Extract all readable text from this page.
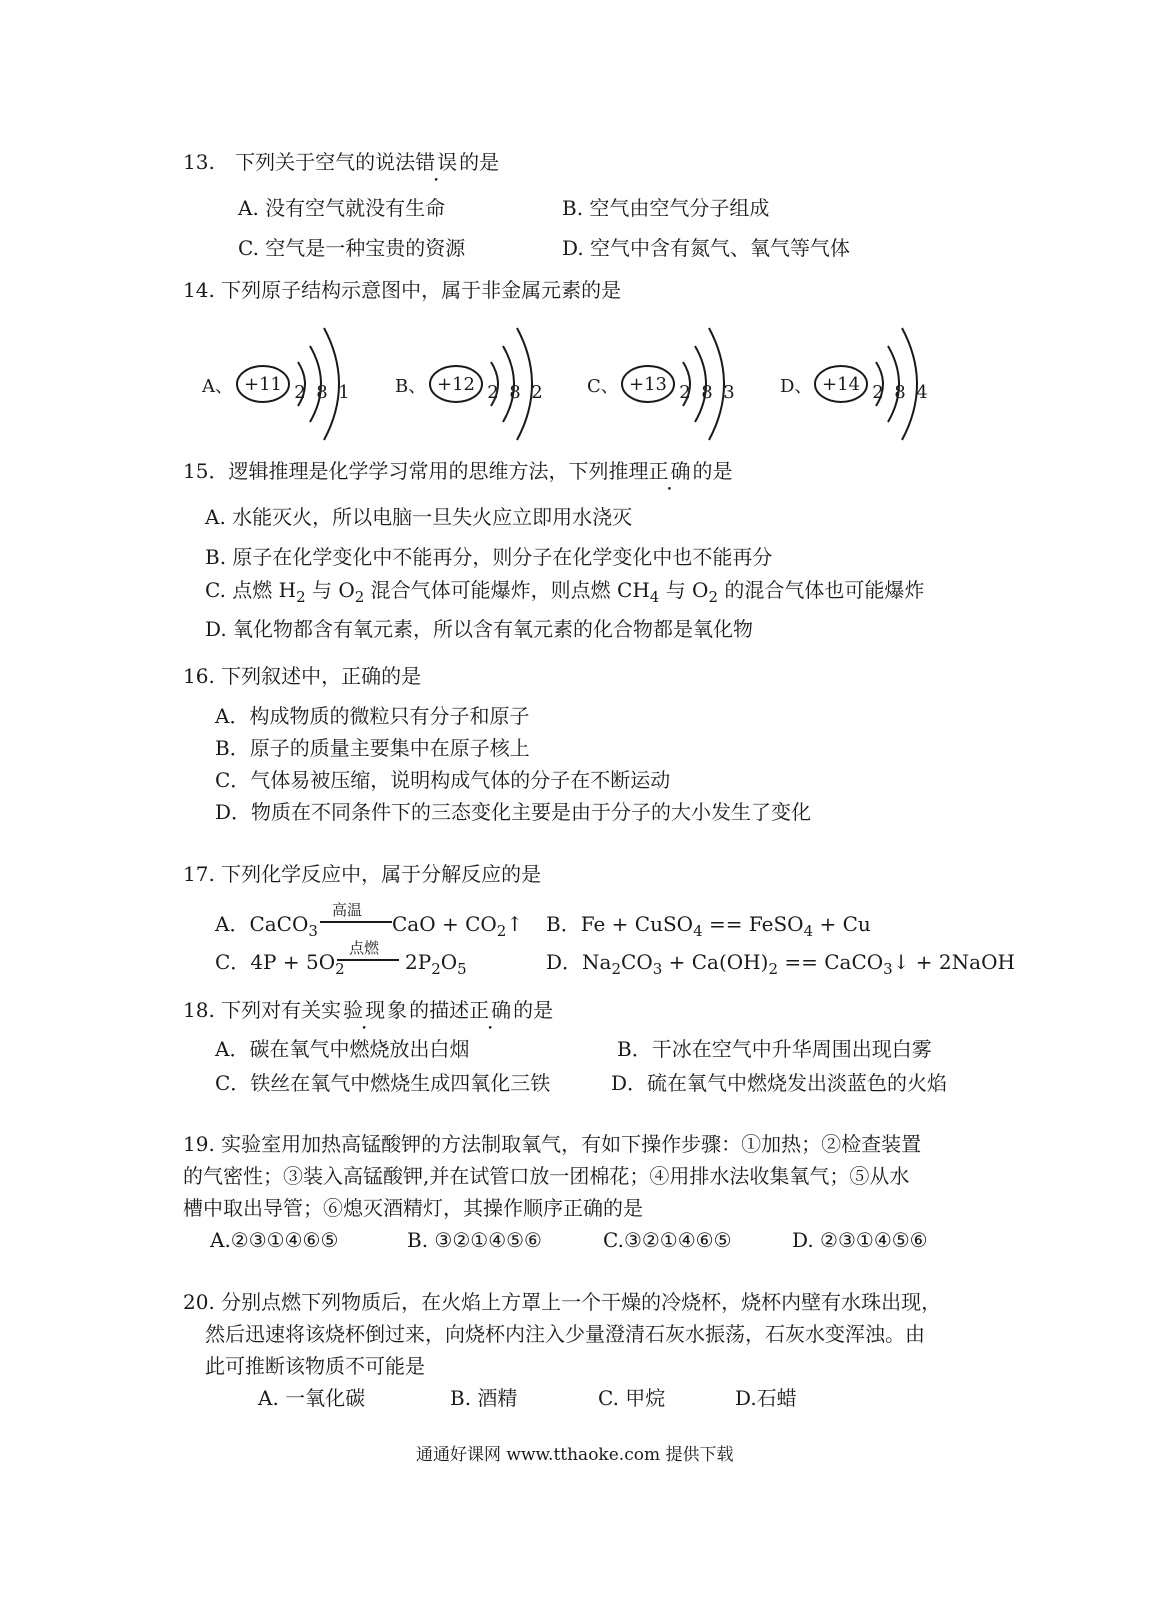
13. 下列关于空气的说法错误的是
A. 没有空气就没有生命	B. 空气由空气分子组成
C. 空气是一种宝贵的资源	D. 空气中含有氮气、氧气等气体
14. 下列原子结构示意图中，属于非金属元素的是
A、 +11 2 8 1	B、 +12 2 8 2 C、 +13 2 8 3	D、 +14 2 8 4
15．逻辑推理是化学学习常用的思维方法，下列推理正确的是
A. 水能灭火，所以电脑一旦失火应立即用水浇灭
B. 原子在化学变化中不能再分，则分子在化学变化中也不能再分
C. 点燃 $H_2$ 与 $O_2$ 混合气体可能爆炸，则点燃 $CH_4$ 与 $O_2$ 的混合气体也可能爆炸
D. 氧化物都含有氧元素，所以含有氧元素的化合物都是氧化物
16. 下列叙述中，正确的是
A．构成物质的微粒只有分子和原子
B．原子的质量主要集中在原子核上
C．气体易被压缩，说明构成气体的分子在不断运动
D．物质在不同条件下的三态变化主要是由于分子的大小发生了变化
17. 下列化学反应中，属于分解反应的是
A．CaCO$_3$
高温
CaO + $CO_2↑$ B．Fe + CuSO$_4$ == FeSO$_4$ + Cu
C．$4P + 5O_2$
点燃
$2P_2O_5$	D．$Na_2CO_3 + Ca(OH)_2$ == CaCO$_3$↓ + 2NaOH
18. 下列对有关实验现象的描述正确的是
A．碳在氧气中燃烧放出白烟	B．干冰在空气中升华周围出现白雾
C．铁丝在氧气中燃烧生成四氧化三铁	D．硫在氧气中燃烧发出淡蓝色的火焰
19. 实验室用加热高锰酸钾的方法制取氧气，有如下操作步骤：①加热；②检查装置
的气密性；③装入高锰酸钾,并在试管口放一团棉花；④用排水法收集氧气；⑤从水
槽中取出导管；⑥熄灭酒精灯，其操作顺序正确的是
A.②③①④⑥⑤	B. ③②①④⑤⑥	C.③②①④⑥⑤	D. ②③①④⑤⑥
20. 分别点燃下列物质后，在火焰上方罩上一个干燥的冷烧杯，烧杯内壁有水珠出现，
然后迅速将该烧杯倒过来，向烧杯内注入少量澄清石灰水振荡，石灰水变浑浊。由
此可推断该物质不可能是
A. 一氧化碳	B. 酒精	C. 甲烷	D.石蜡
通通好课网 www.tthaoke.com 提供下载
